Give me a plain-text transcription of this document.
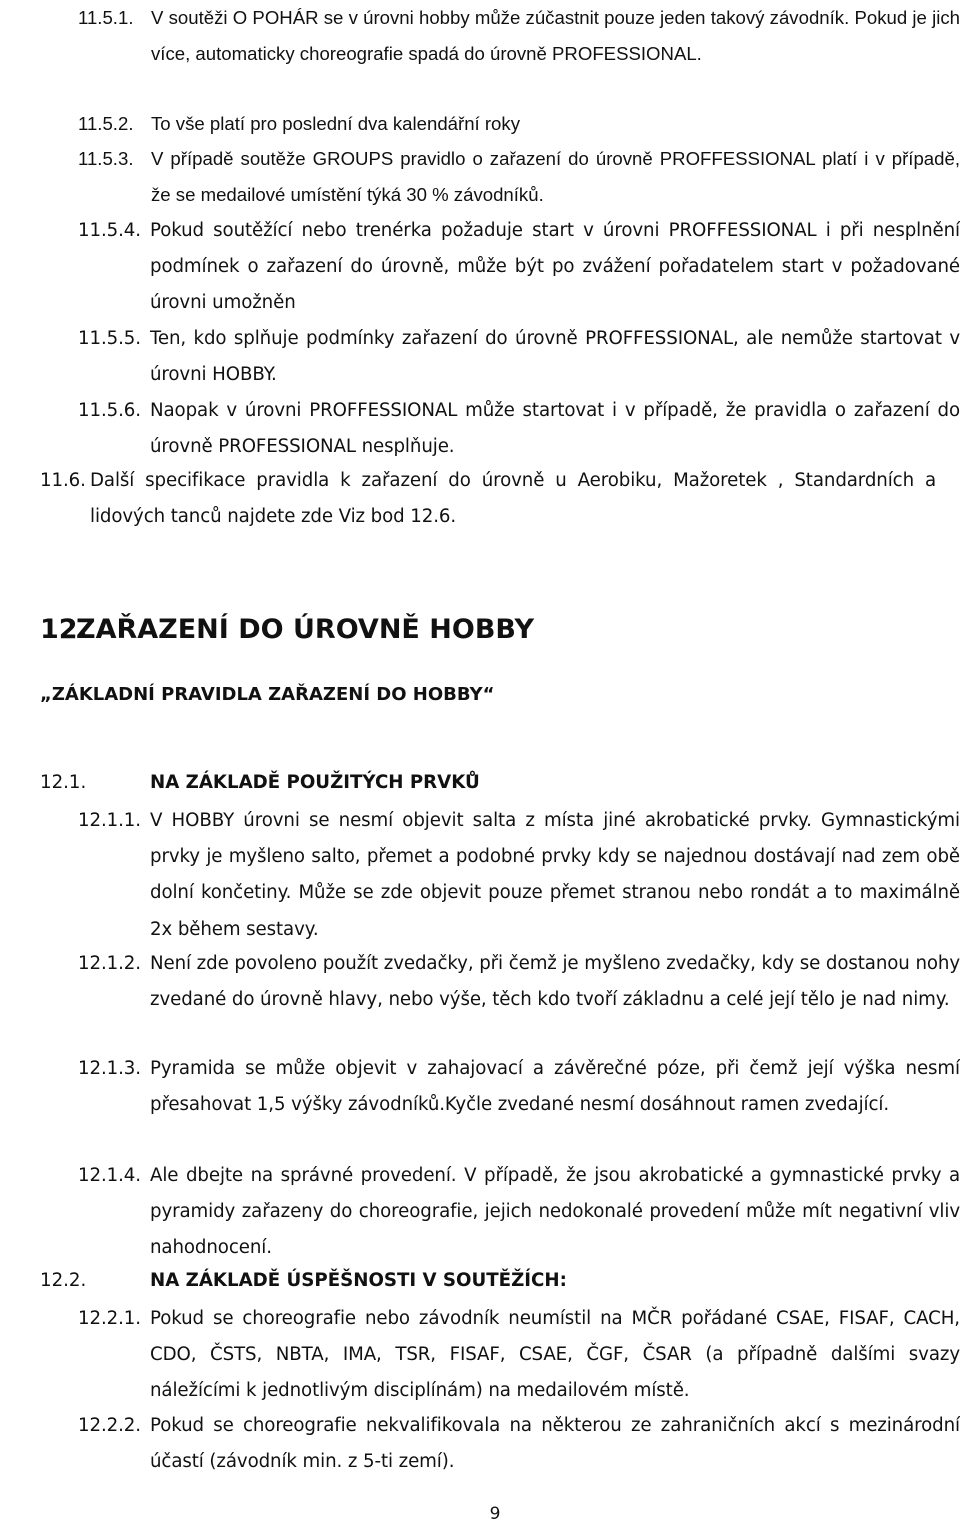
11.5.1. V soutěži O POHÁR se v úrovni hobby může zúčastnit pouze jeden takový závodník. Pokud je jich více, automaticky choreografie spadá do úrovně PROFESSIONAL.
11.5.2. To vše platí pro poslední dva kalendářní roky
11.5.3. V případě soutěže GROUPS pravidlo o zařazení do úrovně PROFFESSIONAL platí i v případě, že se medailové umístění týká 30 % závodníků.
11.5.4. Pokud soutěžící nebo trenérka požaduje start v úrovni PROFFESSIONAL i při nesplnění podmínek o zařazení do úrovně, může být po zvážení pořadatelem start v požadované úrovni umožněn
11.5.5. Ten, kdo splňuje podmínky zařazení do úrovně PROFFESSIONAL, ale nemůže startovat v úrovni HOBBY.
11.5.6. Naopak v úrovni PROFFESSIONAL může startovat i v případě, že pravidla o zařazení do úrovně PROFESSIONAL nesplňuje.
11.6. Další specifikace pravidla k zařazení do úrovně u Aerobiku, Mažoretek , Standardních a lidových tanců najdete zde Viz bod 12.6.
12.ZAŘAZENÍ DO ÚROVNĚ HOBBY
„ZÁKLADNÍ PRAVIDLA ZAŘAZENÍ DO HOBBY“
12.1.	NA ZÁKLADĚ POUŽITÝCH PRVKŮ
12.1.1. V HOBBY úrovni se nesmí objevit salta z místa jiné akrobatické prvky. Gymnastickými prvky je myšleno salto, přemet a podobné prvky kdy se najednou dostávají nad zem obě dolní končetiny. Může se zde objevit pouze přemet stranou nebo rondát a to maximálně 2x během sestavy.
12.1.2. Není zde povoleno použít zvedačky, při čemž je myšleno zvedačky, kdy se dostanou nohy zvedané do úrovně hlavy, nebo výše, těch kdo tvoří základnu a celé její tělo je nad nimy.
12.1.3. Pyramida se může objevit v zahajovací a závěrečné póze, při čemž její výška nesmí přesahovat 1,5 výšky závodníků.Kyčle zvedané nesmí dosáhnout ramen zvedající.
12.1.4. Ale dbejte na správné provedení. V případě, že jsou akrobatické a gymnastické prvky a pyramidy zařazeny do choreografie, jejich nedokonalé provedení může mít negativní vliv nahodnocení.
12.2.	NA ZÁKLADĚ ÚSPĚŠNOSTI V SOUTĚŽÍCH:
12.2.1. Pokud se choreografie nebo závodník neumístil na MČR pořádané CSAE, FISAF, CACH, CDO, ČSTS, NBTA, IMA, TSR, FISAF, CSAE, ČGF, ČSAR (a případně dalšími svazy náležícími k jednotlivým disciplínám) na medailovém místě.
12.2.2. Pokud se choreografie nekvalifikovala na některou ze zahraničních akcí s mezinárodní účastí (závodník min. z 5-ti zemí).
9
